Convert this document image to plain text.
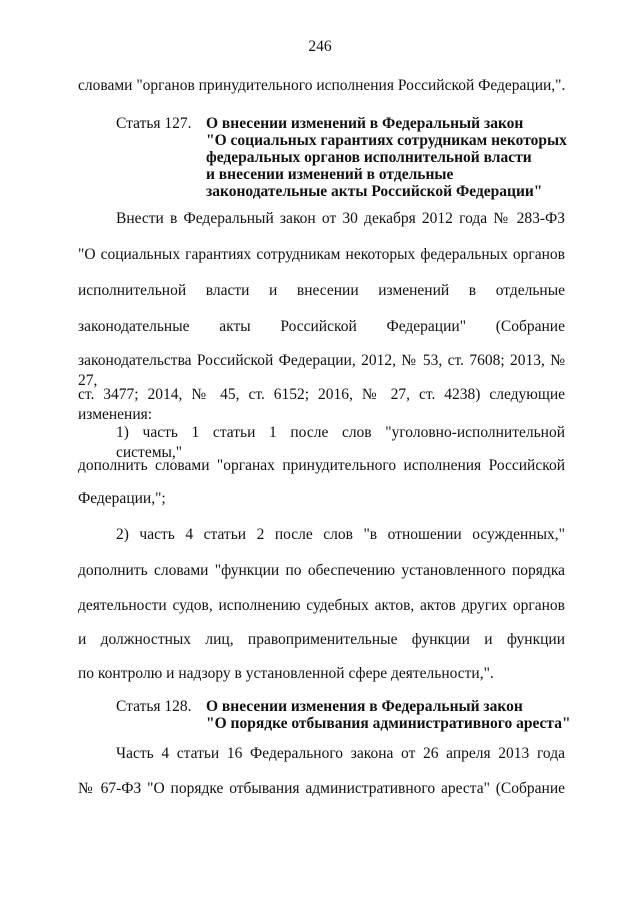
246
словами "органов принудительного исполнения Российской Федерации,".
Статья 127. О внесении изменений в Федеральный закон
"О социальных гарантиях сотрудникам некоторых
федеральных органов исполнительной власти
и внесении изменений в отдельные
законодательные акты Российской Федерации"
Внести в Федеральный закон от 30 декабря 2012 года № 283-ФЗ
"О социальных гарантиях сотрудникам некоторых федеральных органов
исполнительной власти и внесении изменений в отдельные
законодательные акты Российской Федерации" (Собрание
законодательства Российской Федерации, 2012, № 53, ст. 7608; 2013, № 27,
ст. 3477; 2014, № 45, ст. 6152; 2016, № 27, ст. 4238) следующие изменения:
1) часть 1 статьи 1 после слов "уголовно-исполнительной системы,"
дополнить словами "органах принудительного исполнения Российской
Федерации,";
2) часть 4 статьи 2 после слов "в отношении осужденных,"
дополнить словами "функции по обеспечению установленного порядка
деятельности судов, исполнению судебных актов, актов других органов
и должностных лиц, правоприменительные функции и функции
по контролю и надзору в установленной сфере деятельности,".
Статья 128. О внесении изменения в Федеральный закон
"О порядке отбывания административного ареста"
Часть 4 статьи 16 Федерального закона от 26 апреля 2013 года
№ 67-ФЗ "О порядке отбывания административного ареста" (Собрание
